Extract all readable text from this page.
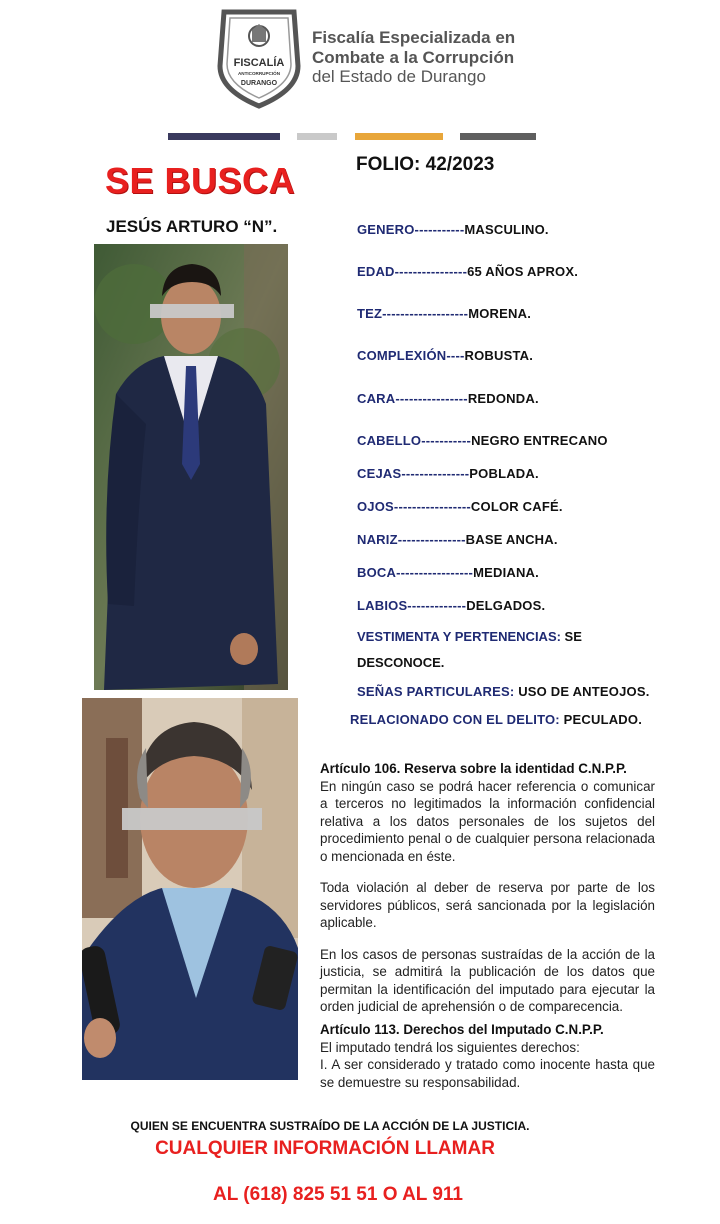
FISCALÍA
ANTICORRUPCIÓN
DURANGO
Fiscalía Especializada en
Combate a la Corrupción
del Estado de Durango
SE BUSCA	FOLIO: 42/2023
JESÚS ARTURO “N”.	GENERO-----------MASCULINO.
EDAD----------------65 AÑOS APROX.
TEZ-------------------MORENA.
COMPLEXIÓN----ROBUSTA.
CARA----------------REDONDA.
CABELLO-----------NEGRO ENTRECANO
CEJAS---------------POBLADA.
OJOS-----------------COLOR CAFÉ.
NARIZ---------------BASE ANCHA.
BOCA-----------------MEDIANA.
LABIOS-------------DELGADOS.
VESTIMENTA Y PERTENENCIAS: SE DESCONOCE.
SEÑAS PARTICULARES: USO DE ANTEOJOS.
RELACIONADO CON EL DELITO: PECULADO.

Artículo 106. Reserva sobre la identidad C.N.P.P.

En ningún caso se podrá hacer referencia o comunicar a terceros no legitimados la información confidencial relativa a los datos personales de los sujetos del procedimiento penal o de cualquier persona relacionada o mencionada en éste.

Toda violación al deber de reserva por parte de los servidores públicos, será sancionada por la legislación aplicable.

En los casos de personas sustraídas de la acción de la justicia, se admitirá la publicación de los datos que permitan la identificación del imputado para ejecutar la orden judicial de aprehensión o de comparecencia.

Artículo 113. Derechos del Imputado C.N.P.P.

El imputado tendrá los siguientes derechos:

I. A ser considerado y tratado como inocente hasta que se demuestre su responsabilidad.

QUIEN SE ENCUENTRA SUSTRAÍDO DE LA ACCIÓN DE LA JUSTICIA.
CUALQUIER INFORMACIÓN LLAMAR
AL (618) 825 51 51 O AL 911
